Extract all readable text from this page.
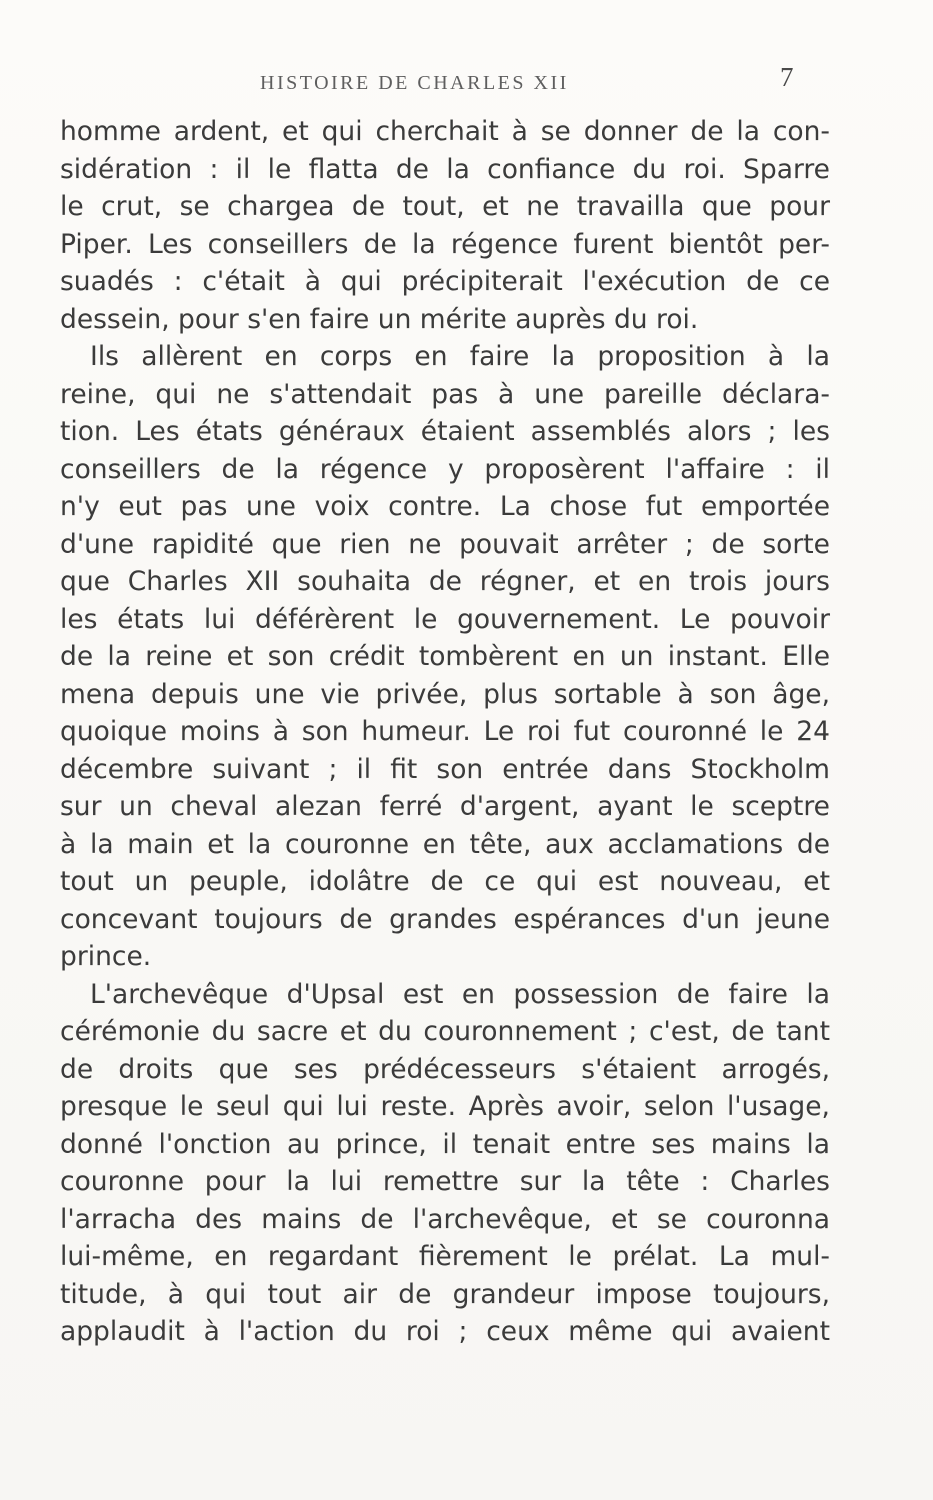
HISTOIRE DE CHARLES XII	7
homme ardent, et qui cherchait à se donner de la con-
sidération : il le flatta de la confiance du roi. Sparre
le crut, se chargea de tout, et ne travailla que pour
Piper. Les conseillers de la régence furent bientôt per-
suadés : c'était à qui précipiterait l'exécution de ce
dessein, pour s'en faire un mérite auprès du roi.
Ils allèrent en corps en faire la proposition à la
reine, qui ne s'attendait pas à une pareille déclara-
tion. Les états généraux étaient assemblés alors ; les
conseillers de la régence y proposèrent l'affaire : il
n'y eut pas une voix contre. La chose fut emportée
d'une rapidité que rien ne pouvait arrêter ; de sorte
que Charles XII souhaita de régner, et en trois jours
les états lui déférèrent le gouvernement. Le pouvoir
de la reine et son crédit tombèrent en un instant. Elle
mena depuis une vie privée, plus sortable à son âge,
quoique moins à son humeur. Le roi fut couronné le 24
décembre suivant ; il fit son entrée dans Stockholm
sur un cheval alezan ferré d'argent, ayant le sceptre
à la main et la couronne en tête, aux acclamations de
tout un peuple, idolâtre de ce qui est nouveau, et
concevant toujours de grandes espérances d'un jeune
prince.
L'archevêque d'Upsal est en possession de faire la
cérémonie du sacre et du couronnement ; c'est, de tant
de droits que ses prédécesseurs s'étaient arrogés,
presque le seul qui lui reste. Après avoir, selon l'usage,
donné l'onction au prince, il tenait entre ses mains la
couronne pour la lui remettre sur la tête : Charles
l'arracha des mains de l'archevêque, et se couronna
lui-même, en regardant fièrement le prélat. La mul-
titude, à qui tout air de grandeur impose toujours,
applaudit à l'action du roi ; ceux même qui avaient
